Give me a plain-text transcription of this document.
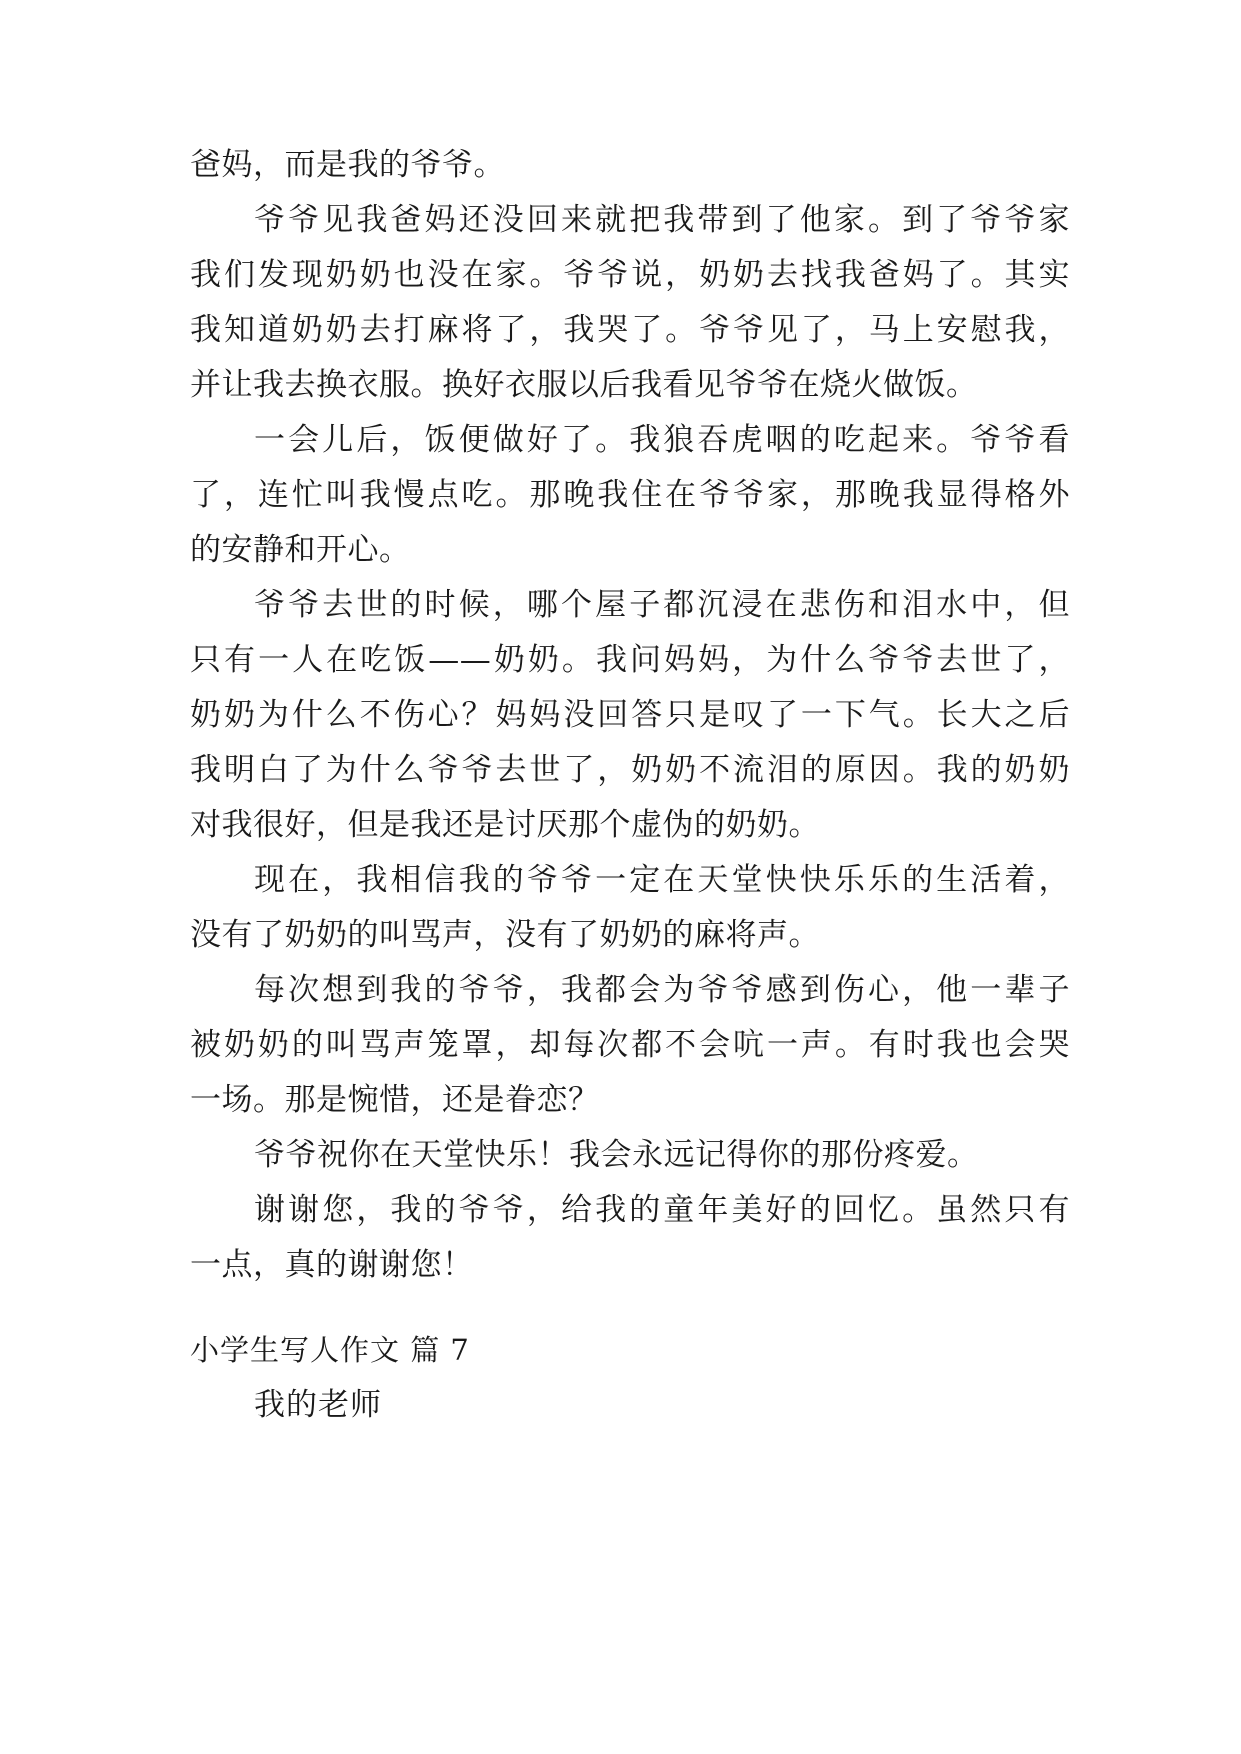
爸妈，而是我的爷爷。
爷爷见我爸妈还没回来就把我带到了他家。到了爷爷家
我们发现奶奶也没在家。爷爷说，奶奶去找我爸妈了。其实
我知道奶奶去打麻将了，我哭了。爷爷见了，马上安慰我，
并让我去换衣服。换好衣服以后我看见爷爷在烧火做饭。
一会儿后，饭便做好了。我狼吞虎咽的吃起来。爷爷看
了，连忙叫我慢点吃。那晚我住在爷爷家，那晚我显得格外
的安静和开心。
爷爷去世的时候，哪个屋子都沉浸在悲伤和泪水中，但
只有一人在吃饭——奶奶。我问妈妈，为什么爷爷去世了，
奶奶为什么不伤心？妈妈没回答只是叹了一下气。长大之后
我明白了为什么爷爷去世了，奶奶不流泪的原因。我的奶奶
对我很好，但是我还是讨厌那个虚伪的奶奶。
现在，我相信我的爷爷一定在天堂快快乐乐的生活着，
没有了奶奶的叫骂声，没有了奶奶的麻将声。
每次想到我的爷爷，我都会为爷爷感到伤心，他一辈子
被奶奶的叫骂声笼罩，却每次都不会吭一声。有时我也会哭
一场。那是惋惜，还是眷恋？
爷爷祝你在天堂快乐！我会永远记得你的那份疼爱。
谢谢您，我的爷爷，给我的童年美好的回忆。虽然只有
一点，真的谢谢您！
小学生写人作文 篇 7
我的老师
